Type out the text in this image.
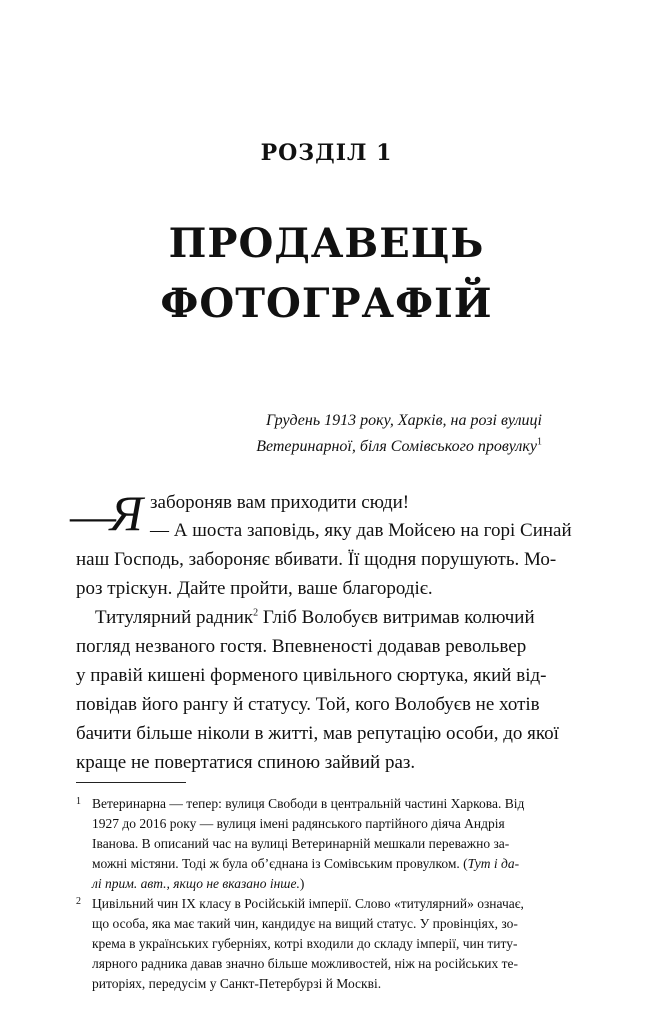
РОЗДІЛ 1
ПРОДАВЕЦЬ
ФОТОГРАФІЙ
Грудень 1913 року, Харків, на розі вулиці
Ветеринарної, біля Сомівського провулку$^1$
—
Я забороняв вам приходити сюди!
— А шоста заповідь, яку дав Мойсею на горі Синай
наш Господь, забороняє вбивати. Її щодня порушують. Мо-
роз тріскун. Дайте пройти, ваше благородіє.
Титулярний радник$^2$ Гліб Волобуєв витримав колючий
погляд незваного гостя. Впевненості додавав револьвер
у правій кишені форменого цивільного сюртука, який від-
повідав його рангу й статусу. Той, кого Волобуєв не хотів
бачити більше ніколи в житті, мав репутацію особи, до якої
краще не повертатися спиною зайвий раз.
1 Ветеринарна — тепер: вулиця Свободи в центральній частині Харкова. Від
1927 до 2016 року — вулиця імені радянського партійного діяча Андрія
Іванова. В описаний час на вулиці Ветеринарній мешкали переважно за-
можні містяни. Тоді ж була об’єднана із Сомівським провулком. (Тут і да-
лі прим. авт., якщо не вказано інше.)
2 Цивільний чин IX класу в Російській імперії. Слово «титулярний» означає,
що особа, яка має такий чин, кандидує на вищий статус. У провінціях, зо-
крема в українських губерніях, котрі входили до складу імперії, чин титу-
лярного радника давав значно більше можливостей, ніж на російських те-
риторіях, передусім у Санкт-Петербурзі й Москві.
